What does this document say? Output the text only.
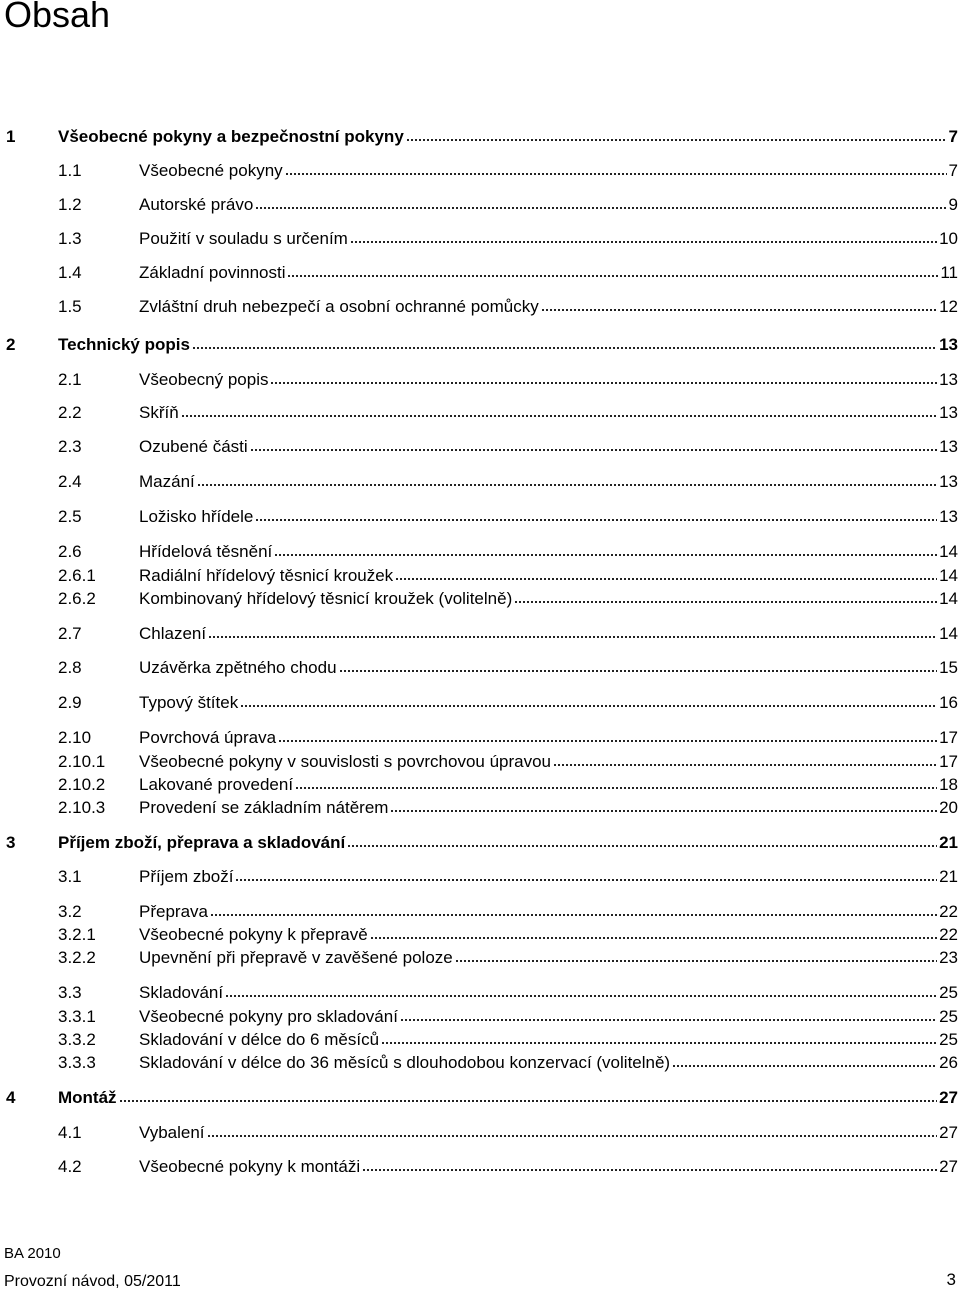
Obsah
1	Všeobecné pokyny a bezpečnostní pokyny	7
1.1	Všeobecné pokyny	7
1.2	Autorské právo	9
1.3	Použití v souladu s určením	10
1.4	Základní povinnosti	11
1.5	Zvláštní druh nebezpečí a osobní ochranné pomůcky	12
2	Technický popis	13
2.1	Všeobecný popis	13
2.2	Skříň	13
2.3	Ozubené části	13
2.4	Mazání	13
2.5	Ložisko hřídele	13
2.6	Hřídelová těsnění	14
2.6.1	Radiální hřídelový těsnicí kroužek	14
2.6.2	Kombinovaný hřídelový těsnicí kroužek (volitelně)	14
2.7	Chlazení	14
2.8	Uzávěrka zpětného chodu	15
2.9	Typový štítek	16
2.10	Povrchová úprava	17
2.10.1 Všeobecné pokyny v souvislosti s povrchovou úpravou	17
2.10.2 Lakované provedení	18
2.10.3 Provedení se základním nátěrem	20
3	Příjem zboží, přeprava a skladování	21
3.1	Příjem zboží	21
3.2	Přeprava	22
3.2.1	Všeobecné pokyny k přepravě	22
3.2.2	Upevnění při přepravě v zavěšené poloze	23
3.3	Skladování	25
3.3.1	Všeobecné pokyny pro skladování	25
3.3.2	Skladování v délce do 6 měsíců	25
3.3.3	Skladování v délce do 36 měsíců s dlouhodobou konzervací (volitelně)	26
4	Montáž	27
4.1	Vybalení	27
4.2	Všeobecné pokyny k montáži	27
BA 2010
Provozní návod, 05/2011	3
